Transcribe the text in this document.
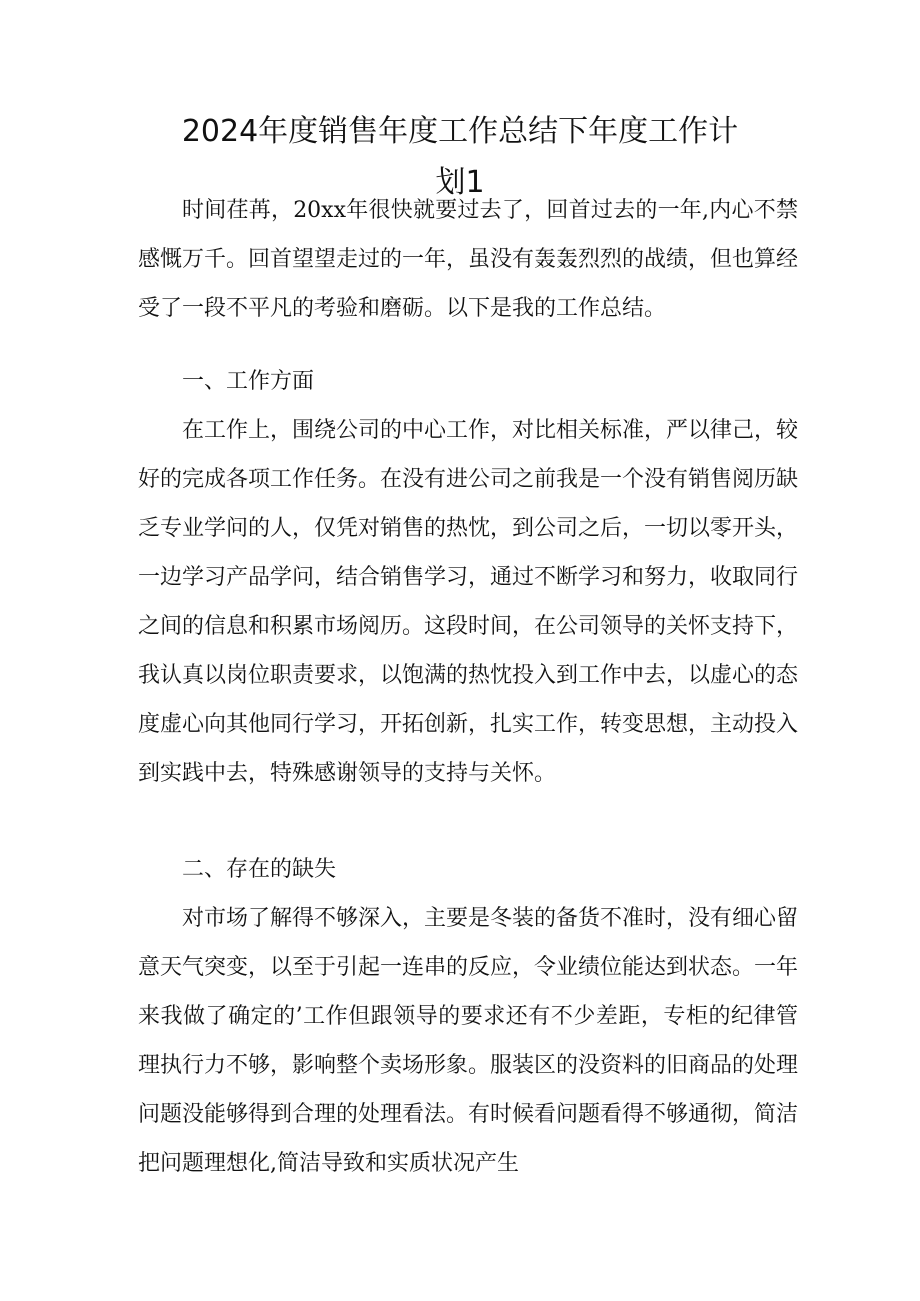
2024年度销售年度工作总结下年度工作计
划1

时间荏苒，20xx年很快就要过去了，回首过去的一年,内心不禁感慨万千。回首望望走过的一年，虽没有轰轰烈烈的战绩，但也算经受了一段不平凡的考验和磨砺。以下是我的工作总结。

一、工作方面

在工作上，围绕公司的中心工作，对比相关标准，严以律己，较好的完成各项工作任务。在没有进公司之前我是一个没有销售阅历缺乏专业学问的人，仅凭对销售的热忱，到公司之后，一切以零开头，一边学习产品学问，结合销售学习，通过不断学习和努力，收取同行之间的信息和积累市场阅历。这段时间，在公司领导的关怀支持下，我认真以岗位职责要求，以饱满的热忱投入到工作中去，以虚心的态度虚心向其他同行学习，开拓创新，扎实工作，转变思想，主动投入到实践中去，特殊感谢领导的支持与关怀。

二、存在的缺失

对市场了解得不够深入，主要是冬装的备货不准时，没有细心留意天气突变，以至于引起一连串的反应，令业绩位能达到状态。一年来我做了确定的’工作但跟领导的要求还有不少差距，专柜的纪律管理执行力不够，影响整个卖场形象。服装区的没资料的旧商品的处理问题没能够得到合理的处理看法。有时候看问题看得不够通彻，简洁把问题理想化,简洁导致和实质状况产生
